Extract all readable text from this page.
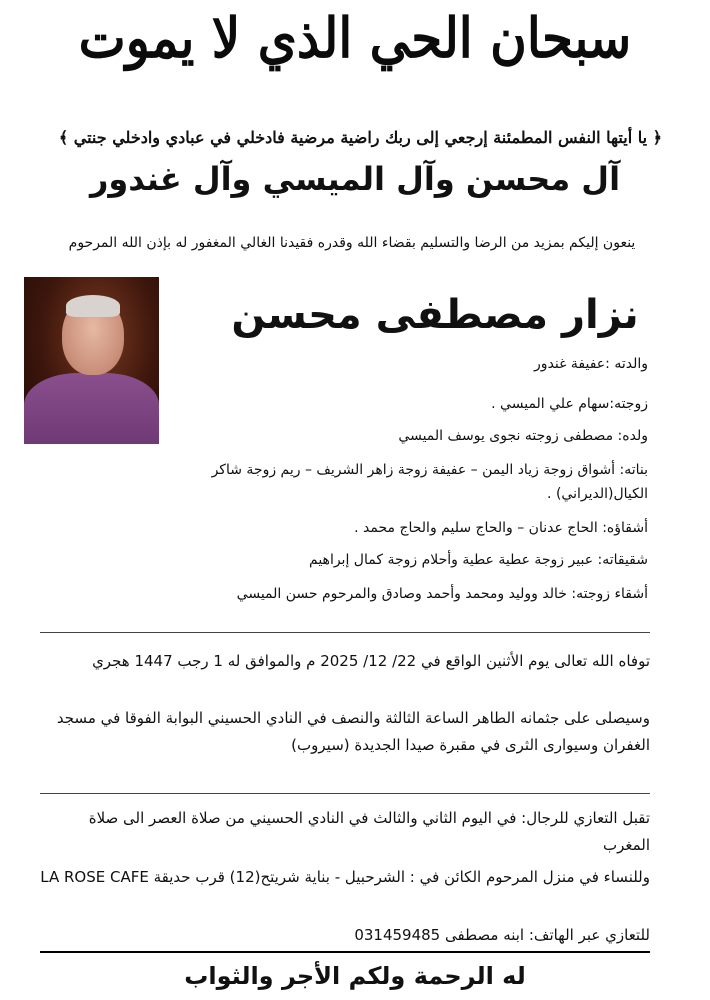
سبحان الحي الذي لا يموت
﴿ يا أيتها النفس المطمئنة إرجعي إلى ربك راضية مرضية فادخلي في عبادي وادخلي جنتي ﴾
آل محسن وآل الميسي وآل غندور
ينعون إليكم بمزيد من الرضا والتسليم بقضاء الله وقدره فقيدنا الغالي المغفور له بإذن الله المرحوم
نزار مصطفى محسن
والدته :عفيفة غندور
زوجته:سهام علي الميسي .
ولده: مصطفى زوجته نجوى يوسف الميسي
بناته: أشواق زوجة زياد اليمن – عفيفة زوجة زاهر الشريف – ريم زوجة شاكر الكيال(الديراني) .
أشقاؤه: الحاج عدنان – والحاج سليم والحاج محمد .
شقيقاته: عبير زوجة عطية عطية وأحلام زوجة كمال إبراهيم
أشقاء زوجته: خالد ووليد ومحمد وأحمد وصادق والمرحوم حسن الميسي
توفاه الله تعالى يوم الأثنين الواقع في 22/ 12/ 2025 م والموافق له 1 رجب 1447 هجري
وسيصلى على جثمانه الطاهر الساعة الثالثة والنصف في النادي الحسيني البوابة الفوقا في مسجد الغفران وسيوارى الثرى في مقبرة صيدا الجديدة (سيروب)
تقبل التعازي للرجال: في اليوم الثاني والثالث في النادي الحسيني من صلاة العصر الى صلاة المغرب
وللنساء في منزل المرحوم الكائن في : الشرحبيل - بناية شريتح(12) قرب حديقة LA ROSE CAFE
للتعازي عبر الهاتف: ابنه مصطفى 031459485
له الرحمة ولكم الأجر والثواب
